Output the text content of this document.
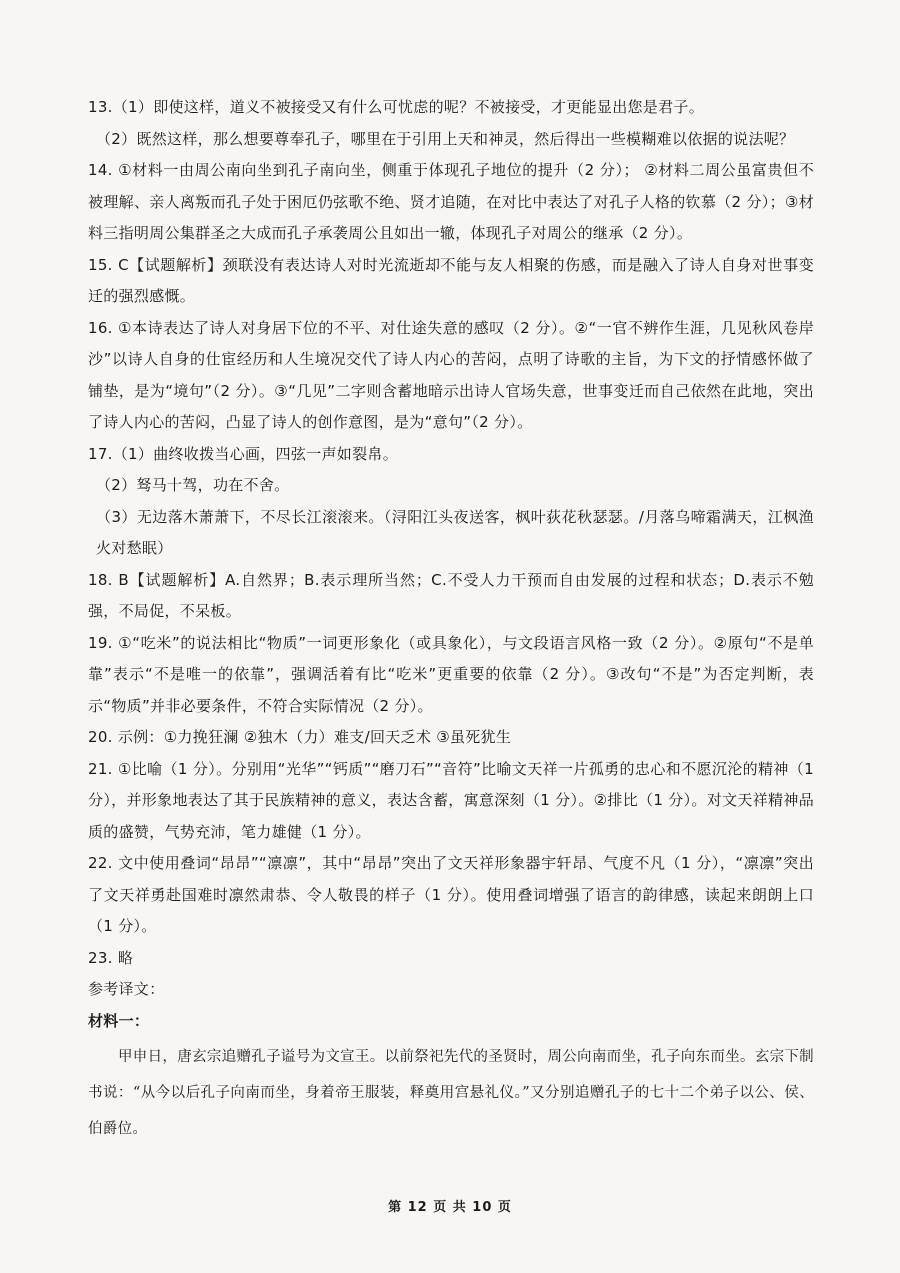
13.（1）即使这样，道义不被接受又有什么可忧虑的呢？不被接受，才更能显出您是君子。

（2）既然这样，那么想要尊奉孔子，哪里在于引用上天和神灵，然后得出一些模糊难以依据的说法呢？

14. ①材料一由周公南向坐到孔子南向坐，侧重于体现孔子地位的提升（2 分）； ②材料二周公虽富贵但不被理解、亲人离叛而孔子处于困厄仍弦歌不绝、贤才追随，在对比中表达了对孔子人格的钦慕（2 分）；③材料三指明周公集群圣之大成而孔子承袭周公且如出一辙，体现孔子对周公的继承（2 分）。

15. C【试题解析】颈联没有表达诗人对时光流逝却不能与友人相聚的伤感，而是融入了诗人自身对世事变迁的强烈感慨。

16. ①本诗表达了诗人对身居下位的不平、对仕途失意的感叹（2 分）。②“一官不辨作生涯，几见秋风卷岸沙”以诗人自身的仕宦经历和人生境况交代了诗人内心的苦闷，点明了诗歌的主旨，为下文的抒情感怀做了铺垫，是为“境句”（2 分）。③“几见”二字则含蓄地暗示出诗人官场失意，世事变迁而自己依然在此地，突出了诗人内心的苦闷，凸显了诗人的创作意图，是为“意句”（2 分）。

17.（1）曲终收拨当心画，四弦一声如裂帛。

（2）驽马十驾，功在不舍。

（3）无边落木萧萧下，不尽长江滚滚来。（浔阳江头夜送客，枫叶荻花秋瑟瑟。/月落乌啼霜满天，江枫渔火对愁眠）

18. B【试题解析】A.自然界；B.表示理所当然；C.不受人力干预而自由发展的过程和状态；D.表示不勉强，不局促，不呆板。

19. ①“吃米”的说法相比“物质”一词更形象化（或具象化），与文段语言风格一致（2 分）。②原句“不是单靠”表示“不是唯一的依靠”，强调活着有比“吃米”更重要的依靠（2 分）。③改句“不是”为否定判断，表示“物质”并非必要条件，不符合实际情况（2 分）。

20. 示例：①力挽狂澜 ②独木（力）难支/回天乏术 ③虽死犹生

21. ①比喻（1 分）。分别用“光华”“钙质”“磨刀石”“音符”比喻文天祥一片孤勇的忠心和不愿沉沦的精神（1 分），并形象地表达了其于民族精神的意义，表达含蓄，寓意深刻（1 分）。②排比（1 分）。对文天祥精神品质的盛赞，气势充沛，笔力雄健（1 分）。

22. 文中使用叠词“昂昂”“凛凛”，其中“昂昂”突出了文天祥形象器宇轩昂、气度不凡（1 分），“凛凛”突出了文天祥勇赴国难时凛然肃恭、令人敬畏的样子（1 分）。使用叠词增强了语言的韵律感，读起来朗朗上口（1 分）。

23. 略

参考译文：

材料一：

甲申日，唐玄宗追赠孔子谥号为文宣王。以前祭祀先代的圣贤时，周公向南而坐，孔子向东而坐。玄宗下制书说：“从今以后孔子向南而坐，身着帝王服装，释奠用宫悬礼仪。”又分别追赠孔子的七十二个弟子以公、侯、伯爵位。

第 12 页 共 10 页
